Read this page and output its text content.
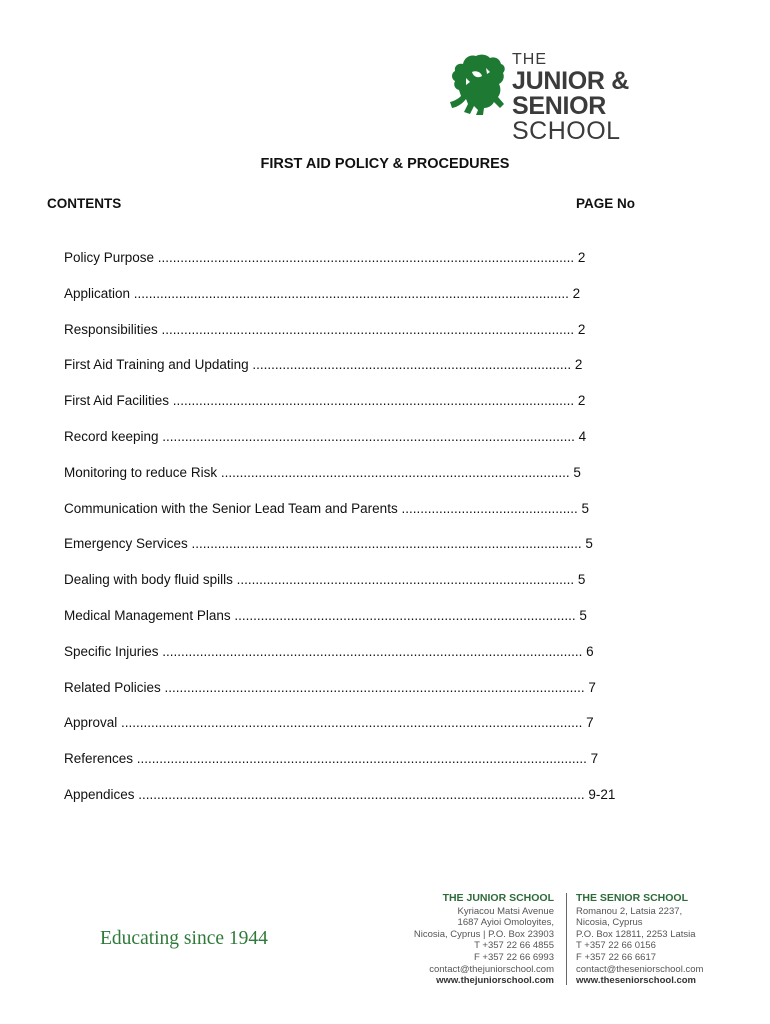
THE
JUNIOR & SENIOR
SCHOOL
FIRST AID POLICY & PROCEDURES
CONTENTS	PAGE No
Policy Purpose ............................................................................................................... 2
Application .................................................................................................................... 2
Responsibilities .............................................................................................................. 2
First Aid Training and Updating ..................................................................................... 2
First Aid Facilities ........................................................................................................... 2
Record keeping .............................................................................................................. 4
Monitoring to reduce Risk ............................................................................................. 5
Communication with the Senior Lead Team and Parents ............................................... 5
Emergency Services ........................................................................................................ 5
Dealing with body fluid spills .......................................................................................... 5
Medical Management Plans ........................................................................................... 5
Specific Injuries ................................................................................................................ 6
Related Policies ................................................................................................................ 7
Approval ........................................................................................................................... 7
References ........................................................................................................................ 7
Appendices ....................................................................................................................... 9-21
Educating since 1944
THE JUNIOR SCHOOL
Kyriacou Matsi Avenue
1687 Ayioi Omoloyites,
Nicosia, Cyprus | P.O. Box 23903
T +357 22 66 4855
F +357 22 66 6993
contact@thejuniorschool.com
www.thejuniorschool.com
THE SENIOR SCHOOL
Romanou 2, Latsia 2237,
Nicosia, Cyprus
P.O. Box 12811, 2253 Latsia
T +357 22 66 0156
F +357 22 66 6617
contact@theseniorschool.com
www.theseniorschool.com
